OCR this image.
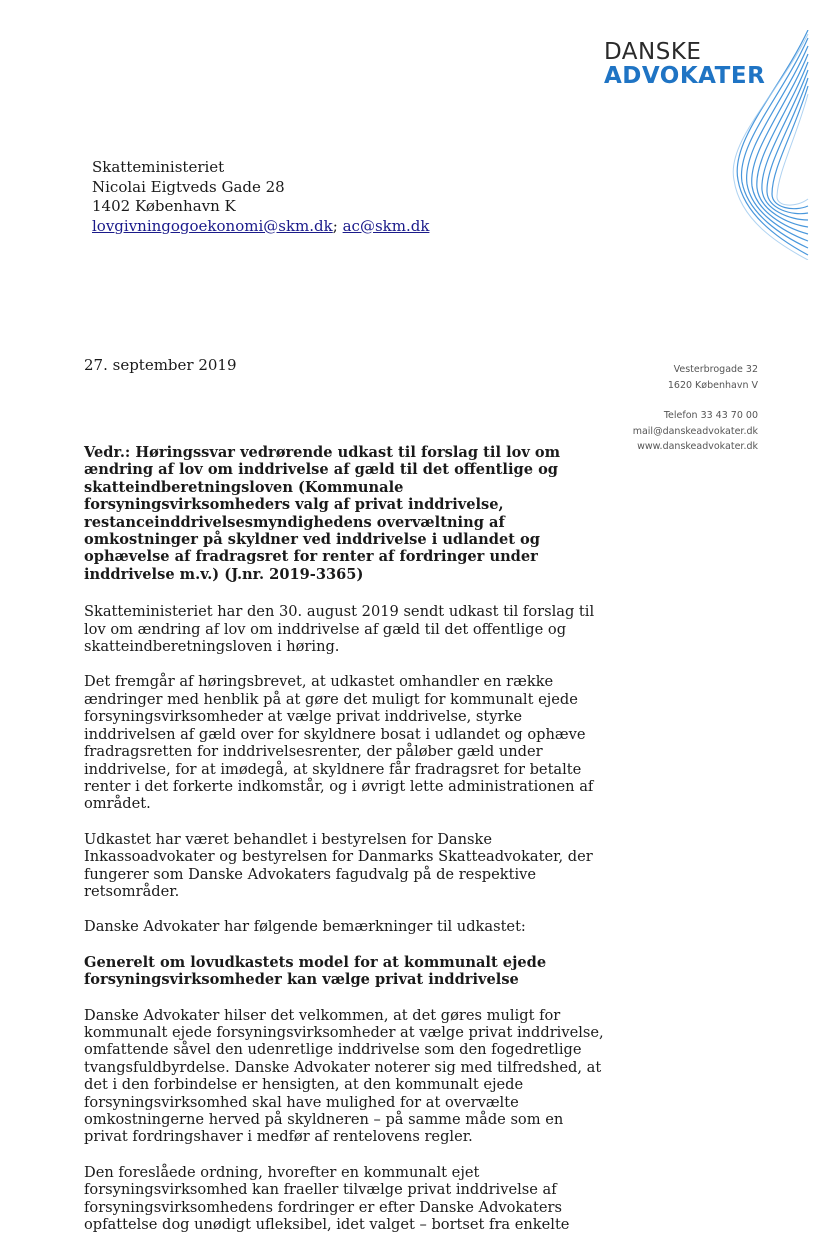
DANSKE
ADVOKATER
Skatteministeriet
Nicolai Eigtveds Gade 28
1402 København K
lovgivningogoekonomi@skm.dk; ac@skm.dk
27. september 2019	Vesterbrogade 32
1620 København V
Telefon 33 43 70 00
mail@danskeadvokater.dk
www.danskeadvokater.dk

Vedr.: Høringssvar vedrørende udkast til forslag til lov om ændring af lov om inddrivelse af gæld til det offentlige og skatteindberetningsloven (Kommunale forsyningsvirksomheders valg af privat inddrivelse, restanceinddrivelsesmyndighedens overvæltning af omkostninger på skyldner ved inddrivelse i udlandet og ophævelse af fradragsret for renter af fordringer under inddrivelse m.v.) (J.nr. 2019-3365)

Skatteministeriet har den 30. august 2019 sendt udkast til forslag til lov om ændring af lov om inddrivelse af gæld til det offentlige og skatteindberetningsloven i høring.

Det fremgår af høringsbrevet, at udkastet omhandler en række ændringer med henblik på at gøre det muligt for kommunalt ejede forsyningsvirksomheder at vælge privat inddrivelse, styrke inddrivelsen af gæld over for skyldnere bosat i udlandet og ophæve fradragsretten for inddrivelsesrenter, der påløber gæld under inddrivelse, for at imødegå, at skyldnere får fradragsret for betalte renter i det forkerte indkomstår, og i øvrigt lette administrationen af området.

Udkastet har været behandlet i bestyrelsen for Danske Inkassoadvokater og bestyrelsen for Danmarks Skatteadvokater, der fungerer som Danske Advokaters fagudvalg på de respektive retsområder.

Danske Advokater har følgende bemærkninger til udkastet:

Generelt om lovudkastets model for at kommunalt ejede forsyningsvirksomheder kan vælge privat inddrivelse

Danske Advokater hilser det velkommen, at det gøres muligt for kommunalt ejede forsyningsvirksomheder at vælge privat inddrivelse, omfattende såvel den udenretlige inddrivelse som den fogedretlige tvangsfuldbyrdelse. Danske Advokater noterer sig med tilfredshed, at det i den forbindelse er hensigten, at den kommunalt ejede forsyningsvirksomhed skal have mulighed for at overvælte omkostningerne herved på skyldneren – på samme måde som en privat fordringshaver i medfør af rentelovens regler.

Den foreslåede ordning, hvorefter en kommunalt ejet forsyningsvirksomhed kan fraeller tilvælge privat inddrivelse af forsyningsvirksomhedens fordringer er efter Danske Advokaters opfattelse dog unødigt ufleksibel, idet valget – bortset fra enkelte
